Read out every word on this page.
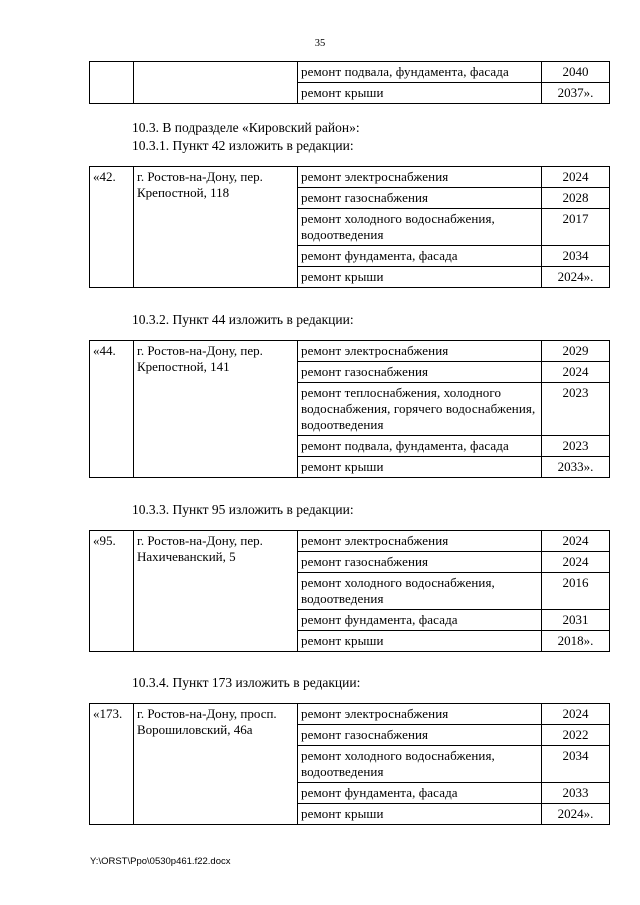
35
		ремонт подвала, фундамента, фасада	2040
		ремонт крыши	2037».
10.3. В подразделе «Кировский район»:
10.3.1. Пункт 42 изложить в редакции:
«42.	г. Ростов-на-Дону, пер. Крепостной, 118	ремонт электроснабжения	2024
		ремонт газоснабжения	2028
		ремонт холодного водоснабжения, водоотведения	2017
		ремонт фундамента, фасада	2034
		ремонт крыши	2024».
10.3.2. Пункт 44 изложить в редакции:
«44.	г. Ростов-на-Дону, пер. Крепостной, 141	ремонт электроснабжения	2029
		ремонт газоснабжения	2024
		ремонт теплоснабжения, холодного водоснабжения, горячего водоснабжения, водоотведения	2023
		ремонт подвала, фундамента, фасада	2023
		ремонт крыши	2033».
10.3.3. Пункт 95 изложить в редакции:
«95.	г. Ростов-на-Дону, пер. Нахичеванский, 5	ремонт электроснабжения	2024
		ремонт газоснабжения	2024
		ремонт холодного водоснабжения, водоотведения	2016
		ремонт фундамента, фасада	2031
		ремонт крыши	2018».
10.3.4. Пункт 173 изложить в редакции:
«173.	г. Ростов-на-Дону, просп. Ворошиловский, 46а	ремонт электроснабжения	2024
		ремонт газоснабжения	2022
		ремонт холодного водоснабжения, водоотведения	2034
		ремонт фундамента, фасада	2033
		ремонт крыши	2024».
Y:\ORST\Ppo\0530p461.f22.docx
